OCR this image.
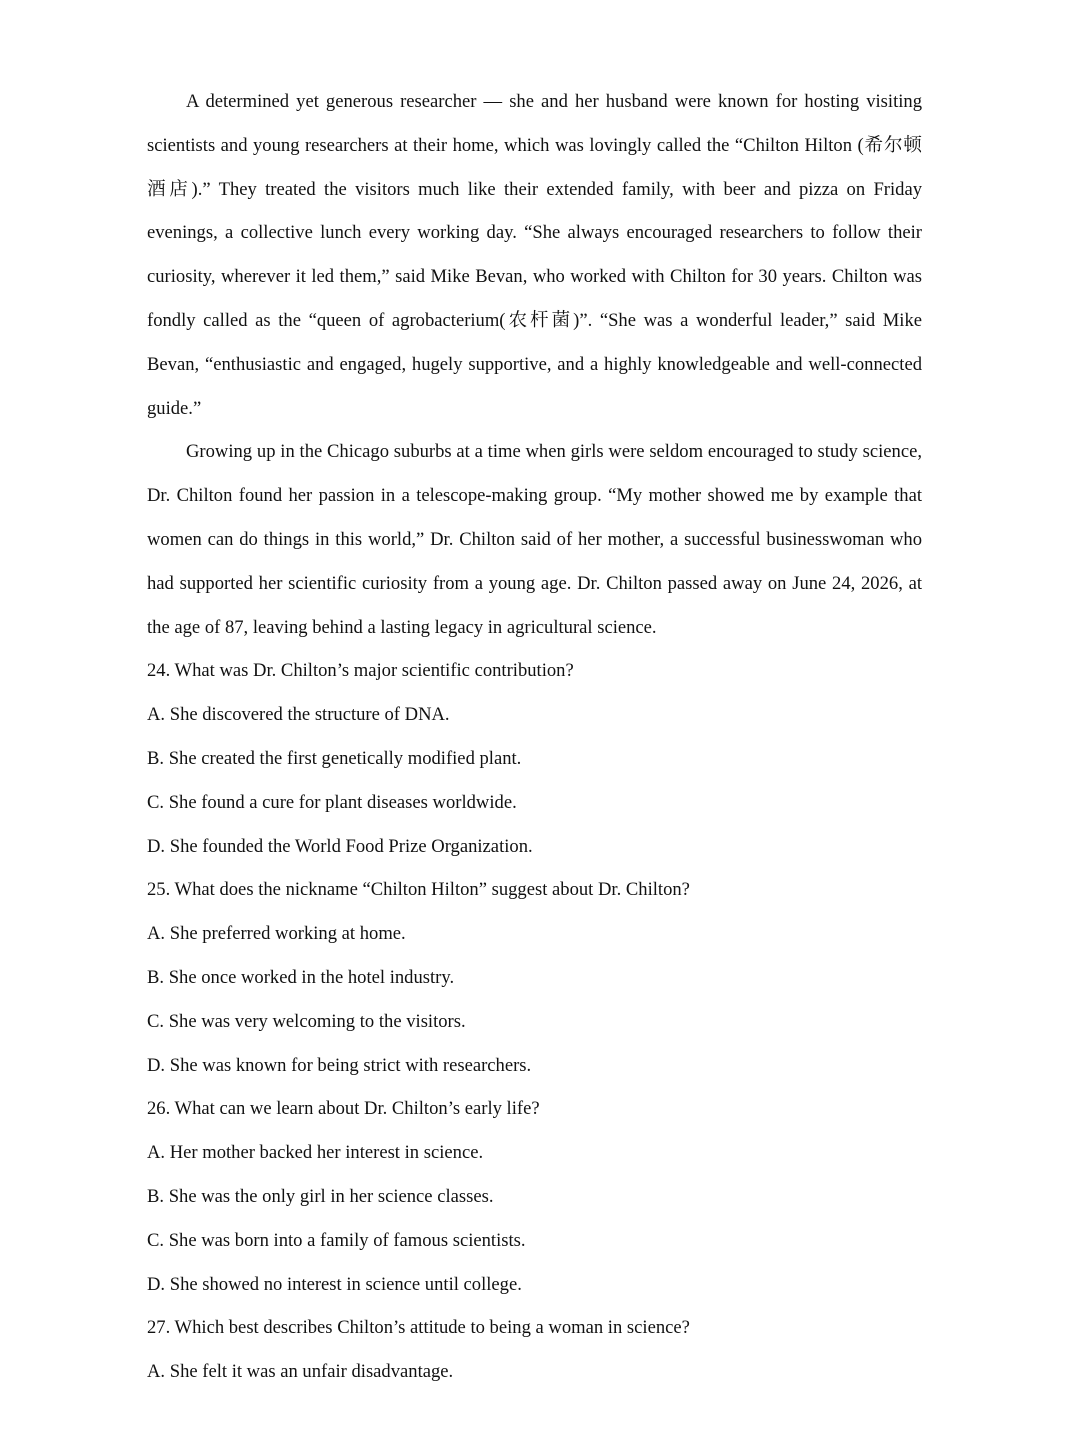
A determined yet generous researcher — she and her husband were known for hosting visiting scientists and young researchers at their home, which was lovingly called the “Chilton Hilton (希尔顿酒店).” They treated the visitors much like their extended family, with beer and pizza on Friday evenings, a collective lunch every working day. “She always encouraged researchers to follow their curiosity, wherever it led them,” said Mike Bevan, who worked with Chilton for 30 years. Chilton was fondly called as the “queen of agrobacterium(农杆菌)”. “She was a wonderful leader,” said Mike Bevan, “enthusiastic and engaged, hugely supportive, and a highly knowledgeable and well-connected guide.”

Growing up in the Chicago suburbs at a time when girls were seldom encouraged to study science, Dr. Chilton found her passion in a telescope-making group. “My mother showed me by example that women can do things in this world,” Dr. Chilton said of her mother, a successful businesswoman who had supported her scientific curiosity from a young age. Dr. Chilton passed away on June 24, 2026, at the age of 87, leaving behind a lasting legacy in agricultural science.

24. What was Dr. Chilton’s major scientific contribution?

A. She discovered the structure of DNA.

B. She created the first genetically modified plant.

C. She found a cure for plant diseases worldwide.

D. She founded the World Food Prize Organization.

25. What does the nickname “Chilton Hilton” suggest about Dr. Chilton?

A. She preferred working at home.

B. She once worked in the hotel industry.

C. She was very welcoming to the visitors.

D. She was known for being strict with researchers.

26. What can we learn about Dr. Chilton’s early life?

A. Her mother backed her interest in science.

B. She was the only girl in her science classes.

C. She was born into a family of famous scientists.

D. She showed no interest in science until college.

27. Which best describes Chilton’s attitude to being a woman in science?

A. She felt it was an unfair disadvantage.
